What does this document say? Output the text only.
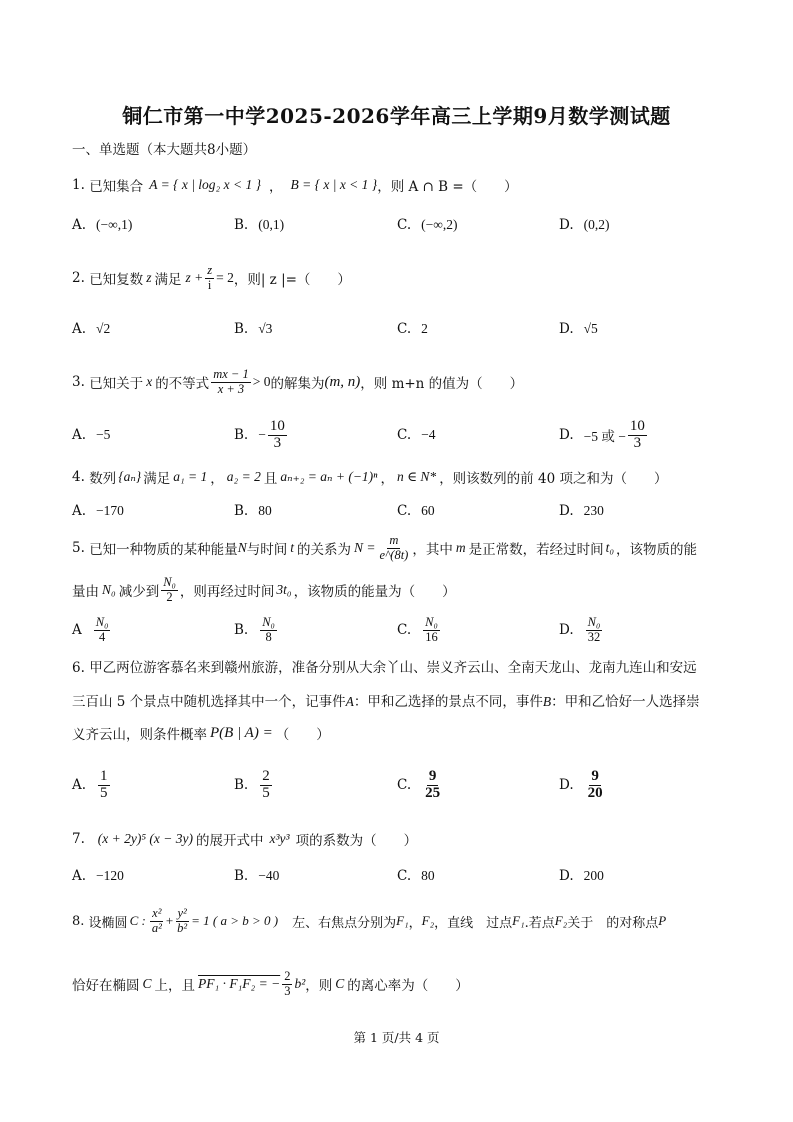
铜仁市第一中学2025-2026学年高三上学期9月数学测试题
一、单选题（本大题共8小题）
1.
已知集合 A = { x | log₂ x < 1 } ， B = { x | x < 1 } ，则 A ∩ B =（　　）
A. (−∞,1)	B. (0,1)	C. (−∞,2)	D. (0,2)
2.
已知复数 z 满足 $z + \frac{z}{i} = 2$ ，则| z |=（　　）
A. √2	B. √3	C. 2	D. √5
3.
已知关于 x 的不等式 $\frac{mx - 1}{x + 3} > 0$ 的解集为 (m, n) ，则 m+n 的值为（　　）
A. −5	B. − $\frac{10}{3}$	C. −4	D. −5 或 − $\frac{10}{3}$
4.
数列 {aₙ} 满足 a₁ = 1 ， a₂ = 2 且 aₙ₊₂ = aₙ + (−1)ⁿ ， n ∈ N* ，则该数列的前 40 项之和为（　　）
A. −170	B. 80	C. 60	D. 230
5.
已知一种物质的某种能量 N 与时间 t 的关系为 $N = \frac{m}{e\^{}(8t)}$ ，其中 m 是正常数，若经过时间 t₀ ，该物质的能
量由 N₀ 减少到 $\frac{\text{N₀}}{2}$ ，则再经过时间 3t₀ ，该物质的能量为（　　）
A $\frac{\text{N₀}}{4}$	B. $\frac{\text{N₀}}{8}$	C. $\frac{\text{N₀}}{16}$	D. $\frac{\text{N₀}}{32}$
6. 甲乙两位游客慕名来到赣州旅游，准备分别从大余丫山、崇义齐云山、全南天龙山、龙南九连山和安远
三百山 5 个景点中随机选择其中一个，记事件A：甲和乙选择的景点不同，事件B：甲和乙恰好一人选择崇
义齐云山，则条件概率 P(B | A) = （　　）
A. $\frac{1}{5}$	B. $\frac{2}{5}$	C. $\frac{9}{25}$	D. $\frac{9}{20}$
7.
(x + 2y)⁵ (x − 3y) 的展开式中 x³y³ 项的系数为（　　）
A. −120	B. −40	C. 80	D. 200
8.
设椭圆 C : $\frac{\text{x²}}{\text{a²}} + \frac{\text{y²}}{\text{b²}} = 1$ ( a > b > 0 ) 左、右焦点分别为 F₁ ， F₂ ，直线　过点 F₁ .若点 F₂ 关于　的对称点 P
恰好在椭圆 C 上，且 PF₁ · F₁F₂ = − $\frac{2}{3} b^2$ ，则 C 的离心率为（　　）
第 1 页/共 4 页
